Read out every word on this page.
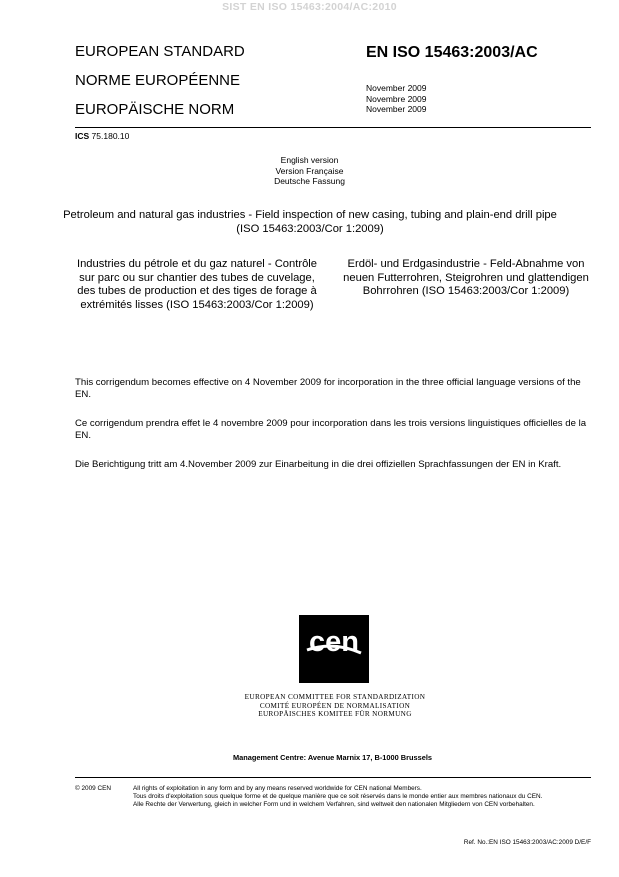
SIST EN ISO 15463:2004/AC:2010
EUROPEAN STANDARD
NORME EUROPÉENNE
EUROPÄISCHE NORM
EN ISO 15463:2003/AC
November 2009
Novembre 2009
November 2009
ICS 75.180.10
English version
Version Française
Deutsche Fassung
Petroleum and natural gas industries - Field inspection of new casing, tubing and plain-end drill pipe (ISO 15463:2003/Cor 1:2009)
Industries du pétrole et du gaz naturel - Contrôle sur parc ou sur chantier des tubes de cuvelage, des tubes de production et des tiges de forage à extrémités lisses (ISO 15463:2003/Cor 1:2009)
Erdöl- und Erdgasindustrie - Feld-Abnahme von neuen Futterrohren, Steigrohren und glattendigen Bohrrohren (ISO 15463:2003/Cor 1:2009)
This corrigendum becomes effective on 4 November 2009 for incorporation in the three official language versions of the EN.
Ce corrigendum prendra effet le 4 novembre 2009 pour incorporation dans les trois versions linguistiques officielles de la EN.
Die Berichtigung tritt am 4.November 2009 zur Einarbeitung in die drei offiziellen Sprachfassungen der EN in Kraft.
cen
EUROPEAN COMMITTEE FOR STANDARDIZATION
COMITÉ EUROPÉEN DE NORMALISATION
EUROPÄISCHES KOMITEE FÜR NORMUNG
Management Centre: Avenue Marnix 17, B-1000 Brussels
© 2009 CEN	All rights of exploitation in any form and by any means reserved worldwide for CEN national Members.
Tous droits d'exploitation sous quelque forme et de quelque manière que ce soit réservés dans le monde entier aux membres nationaux du CEN.
Alle Rechte der Verwertung, gleich in welcher Form und in welchem Verfahren, sind weltweit den nationalen Mitgliedern von CEN vorbehalten.
Ref. No.:EN ISO 15463:2003/AC:2009 D/E/F
